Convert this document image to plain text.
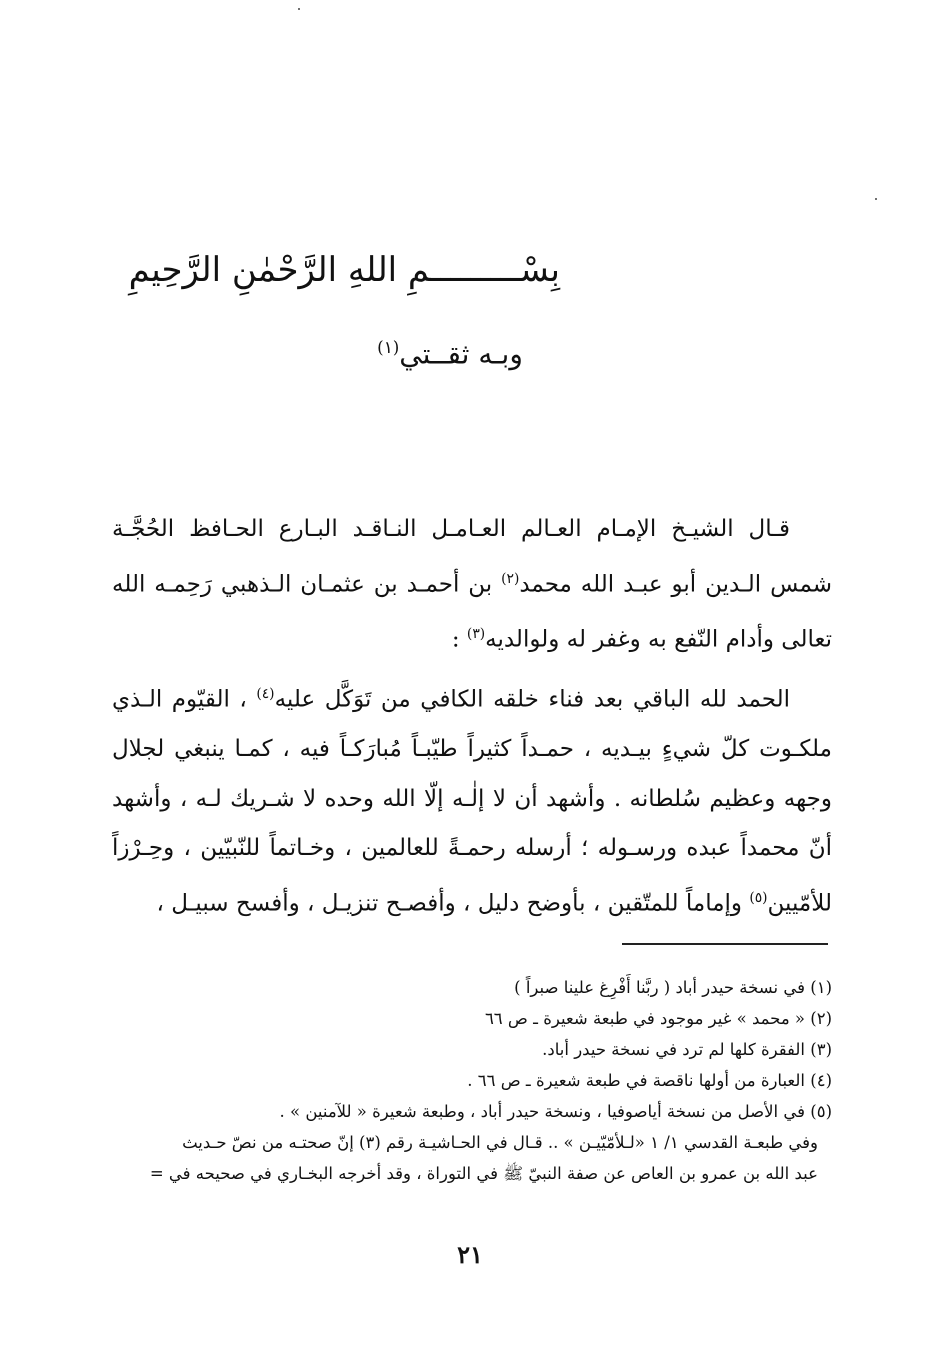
بِسْـــــــــمِ اللهِ الرَّحْمٰنِ الرَّحِيمِ
وبـه ثقــتي$^{(١)}$

قـال الشيـخ الإمـام العـالم العـامـل النـاقـد البـارع الحـافظ الحُجَّـة شمس الـدين أبو عبـد الله محمد$^{(٢)}$ بن أحمـد بن عثمـان الـذهبي رَحِمـه الله تعالى وأدام النّفع به وغفر له ولوالديه$^{(٣)}$ :

الحمد لله الباقي بعد فناء خلقه الكافي من تَوَكَّل عليه$^{(٤)}$ ، القيّوم الـذي ملكـوت كلّ شيءٍ بيـديه ، حمـداً كثيراً طيّبـاً مُبارَكـاً فيه ، كمـا ينبغي لجلال وجهه وعظيم سُلطانه . وأشهد أن لا إلٰـه إلّا الله وحده لا شـريك لـه ، وأشهد أنّ محمداً عبده ورسـوله ؛ أرسله رحمـةً للعالمين ، وخـاتماً للنّبيّين ، وحِـرْزاً للأمّيين$^{(٥)}$ وإماماً للمتّقين ، بأوضح دليل ، وأفصـح تنزيـل ، وأفسح سبيـل ،

(١) في نسخة حيدر أباد ( ربَّنا أَفْرِغ علينا صبراً )
(٢) « محمد » غير موجود في طبعة شعيرة ـ ص ٦٦
(٣) الفقرة كلها لم ترد في نسخة حيدر أباد.
(٤) العبارة من أولها ناقصة في طبعة شعيرة ـ ص ٦٦ .
(٥) في الأصل من نسخة أياصوفيا ، ونسخة حيدر أباد ، وطبعة شعيرة « للآمنين » .
وفي طبعـة القدسي ١/ ١ «لـلأمّيّيـن » .. قـال في الحـاشيـة رقم (٣) إنّ صحتـه من نصّ حـديث
عبد الله بن عمرو بن العاص عن صفة النبيّ ﷺ في التوراة ، وقد أخرجه البخـاري في صحيحه في =
٢١
